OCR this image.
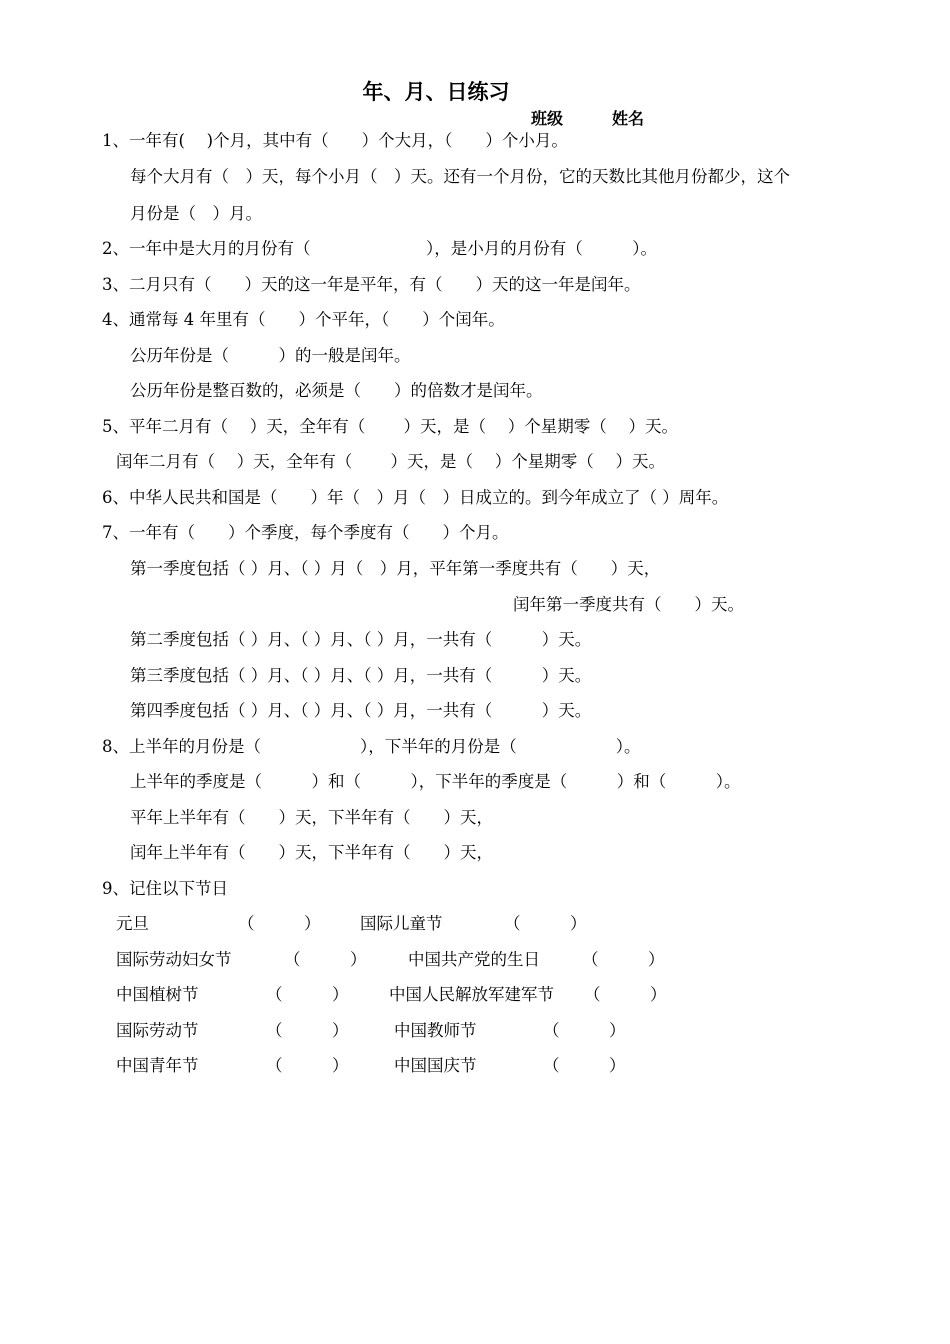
年、月、日练习
班级	姓名
1、一年有(　 )个月，其中有（　　）个大月，（　　）个小月。
每个大月有（　）天，每个小月（　）天。还有一个月份，它的天数比其他月份都少，这个
月份是（　）月。
2、一年中是大月的月份有（　　　　　　　），是小月的月份有（　　　）。
3、二月只有（　　）天的这一年是平年，有（　　）天的这一年是闰年。
4、通常每 4 年里有（　　）个平年，（　　）个闰年。
公历年份是（　　　）的一般是闰年。
公历年份是整百数的，必须是（　　）的倍数才是闰年。
5、平年二月有（　 ）天，全年有（　 　）天，是（　 ）个星期零（　 ）天。
闰年二月有（　 ）天，全年有（　 　）天，是（　 ）个星期零（　 ）天。
6、中华人民共和国是（　　）年（　）月（　）日成立的。到今年成立了（ ）周年。
7、一年有（　　）个季度，每个季度有（　　）个月。
第一季度包括（ ）月、（ ）月（　）月，平年第一季度共有（　　）天，
闰年第一季度共有（　　）天。
第二季度包括（ ）月、（ ）月、（ ）月，一共有（　　　）天。
第三季度包括（ ）月、（ ）月、（ ）月，一共有（　　　）天。
第四季度包括（ ）月、（ ）月、（ ）月，一共有（　　　）天。
8、上半年的月份是（　　　　　　），下半年的月份是（　　　　　　）。
上半年的季度是（　　　）和（　　　），下半年的季度是（　　　）和（　　　）。
平年上半年有（　　）天，下半年有（　　）天，
闰年上半年有（　　）天，下半年有（　　）天，
9、记住以下节日
元旦	（　　　） 国际儿童节	（　　　）
国际劳动妇女节	（　　　）	中国共产党的生日	（　　　）
中国植树节	（　　　） 中国人民解放军建军节 （　　　）
国际劳动节	（　　　）	中国教师节	（　　　）
中国青年节	（　　　）	中国国庆节	（　　　）
